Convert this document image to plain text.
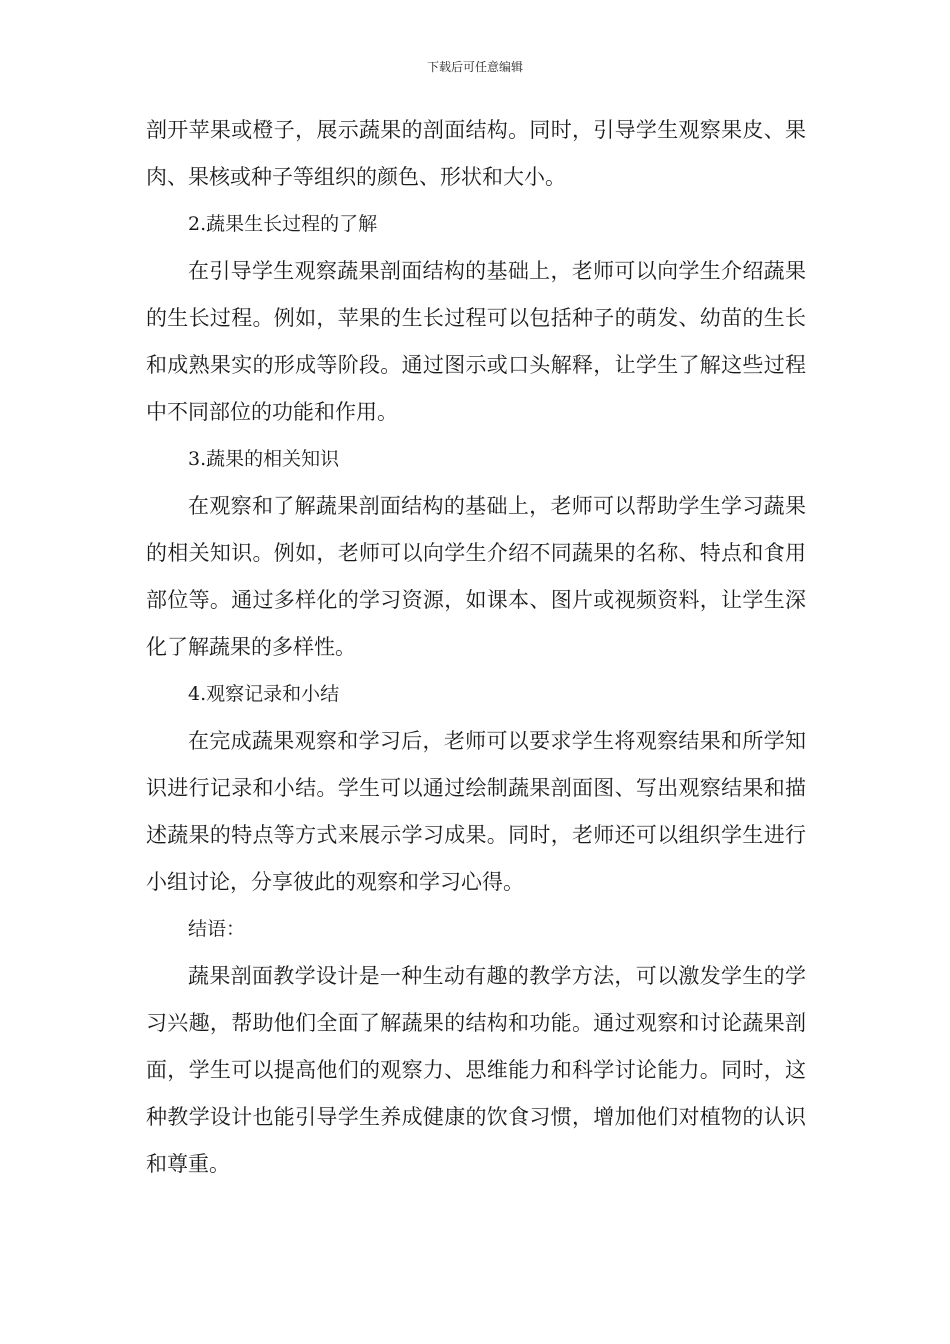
下载后可任意编辑

剖开苹果或橙子，展示蔬果的剖面结构。同时，引导学生观察果皮、果肉、果核或种子等组织的颜色、形状和大小。

2.蔬果生长过程的了解

在引导学生观察蔬果剖面结构的基础上，老师可以向学生介绍蔬果的生长过程。例如，苹果的生长过程可以包括种子的萌发、幼苗的生长和成熟果实的形成等阶段。通过图示或口头解释，让学生了解这些过程中不同部位的功能和作用。

3.蔬果的相关知识

在观察和了解蔬果剖面结构的基础上，老师可以帮助学生学习蔬果的相关知识。例如，老师可以向学生介绍不同蔬果的名称、特点和食用部位等。通过多样化的学习资源，如课本、图片或视频资料，让学生深化了解蔬果的多样性。

4.观察记录和小结

在完成蔬果观察和学习后，老师可以要求学生将观察结果和所学知识进行记录和小结。学生可以通过绘制蔬果剖面图、写出观察结果和描述蔬果的特点等方式来展示学习成果。同时，老师还可以组织学生进行小组讨论，分享彼此的观察和学习心得。

结语：

蔬果剖面教学设计是一种生动有趣的教学方法，可以激发学生的学习兴趣，帮助他们全面了解蔬果的结构和功能。通过观察和讨论蔬果剖面，学生可以提高他们的观察力、思维能力和科学讨论能力。同时，这种教学设计也能引导学生养成健康的饮食习惯，增加他们对植物的认识和尊重。
